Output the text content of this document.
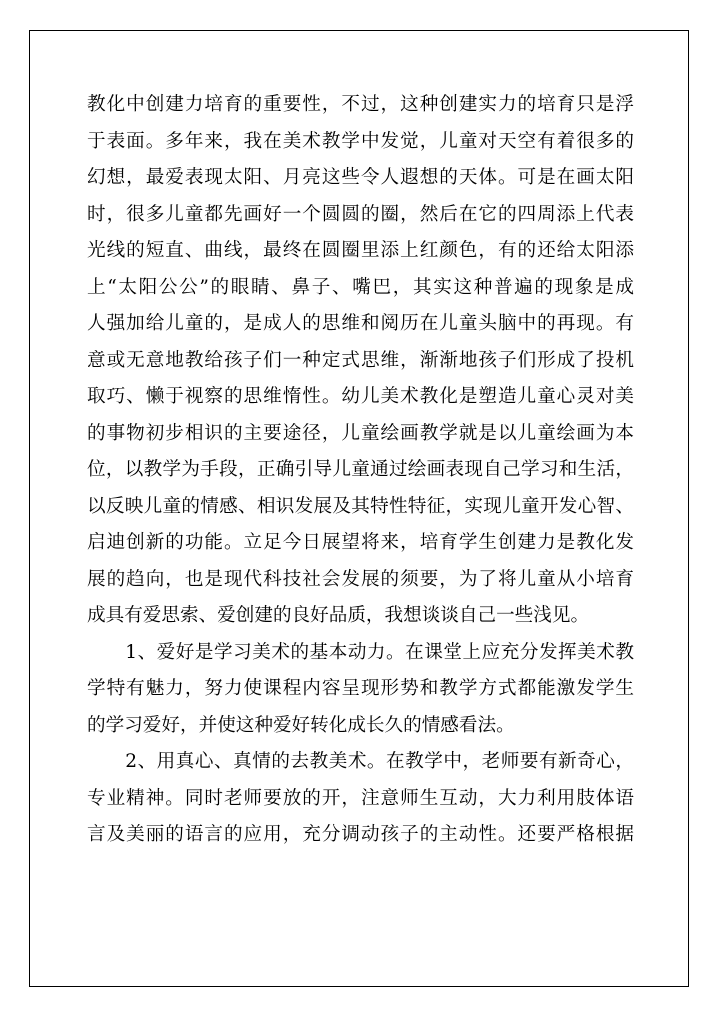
教化中创建力培育的重要性，不过，这种创建实力的培育只是浮
于表面。多年来，我在美术教学中发觉，儿童对天空有着很多的
幻想，最爱表现太阳、月亮这些令人遐想的天体。可是在画太阳
时，很多儿童都先画好一个圆圆的圈，然后在它的四周添上代表
光线的短直、曲线，最终在圆圈里添上红颜色，有的还给太阳添
上“太阳公公”的眼睛、鼻子、嘴巴，其实这种普遍的现象是成
人强加给儿童的，是成人的思维和阅历在儿童头脑中的再现。有
意或无意地教给孩子们一种定式思维，渐渐地孩子们形成了投机
取巧、懒于视察的思维惰性。幼儿美术教化是塑造儿童心灵对美
的事物初步相识的主要途径，儿童绘画教学就是以儿童绘画为本
位，以教学为手段，正确引导儿童通过绘画表现自己学习和生活，
以反映儿童的情感、相识发展及其特性特征，实现儿童开发心智、
启迪创新的功能。立足今日展望将来，培育学生创建力是教化发
展的趋向，也是现代科技社会发展的须要，为了将儿童从小培育
成具有爱思索、爱创建的良好品质，我想谈谈自己一些浅见。
　　1、爱好是学习美术的基本动力。在课堂上应充分发挥美术教
学特有魅力，努力使课程内容呈现形势和教学方式都能激发学生
的学习爱好，并使这种爱好转化成长久的情感看法。
　　2、用真心、真情的去教美术。在教学中，老师要有新奇心，
专业精神。同时老师要放的开，注意师生互动，大力利用肢体语
言及美丽的语言的应用，充分调动孩子的主动性。还要严格根据
